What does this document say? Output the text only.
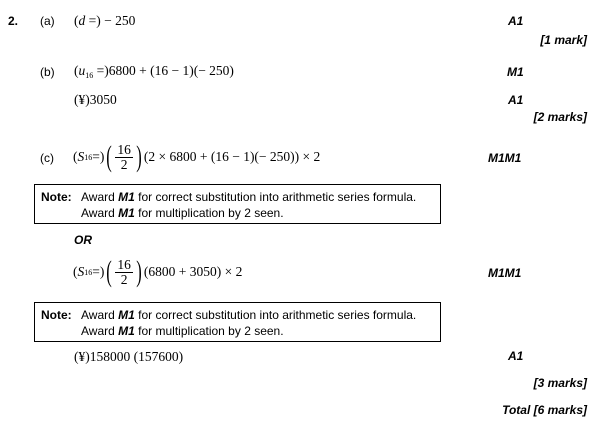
2. (a) (d =) − 250	A1
[1 mark]
(b) $(u_{16} =)6800 + (16 - 1)(- 250)$	M1
(¥)3050	A1
[2 marks]
(c) ( S 16 =) ( $\frac{16}{2}$ ) (2 × 6800 + (16 − 1)(− 250)) × 2	M1M1
Note: Award M1 for correct substitution into arithmetic series formula.
Award M1 for multiplication by 2 seen.
OR
( S 16 =) ( $\frac{16}{2}$ ) (6800 + 3050) × 2	M1M1
Note: Award M1 for correct substitution into arithmetic series formula.
Award M1 for multiplication by 2 seen.
(¥)158000 (157600)	A1
[3 marks]
Total [6 marks]
